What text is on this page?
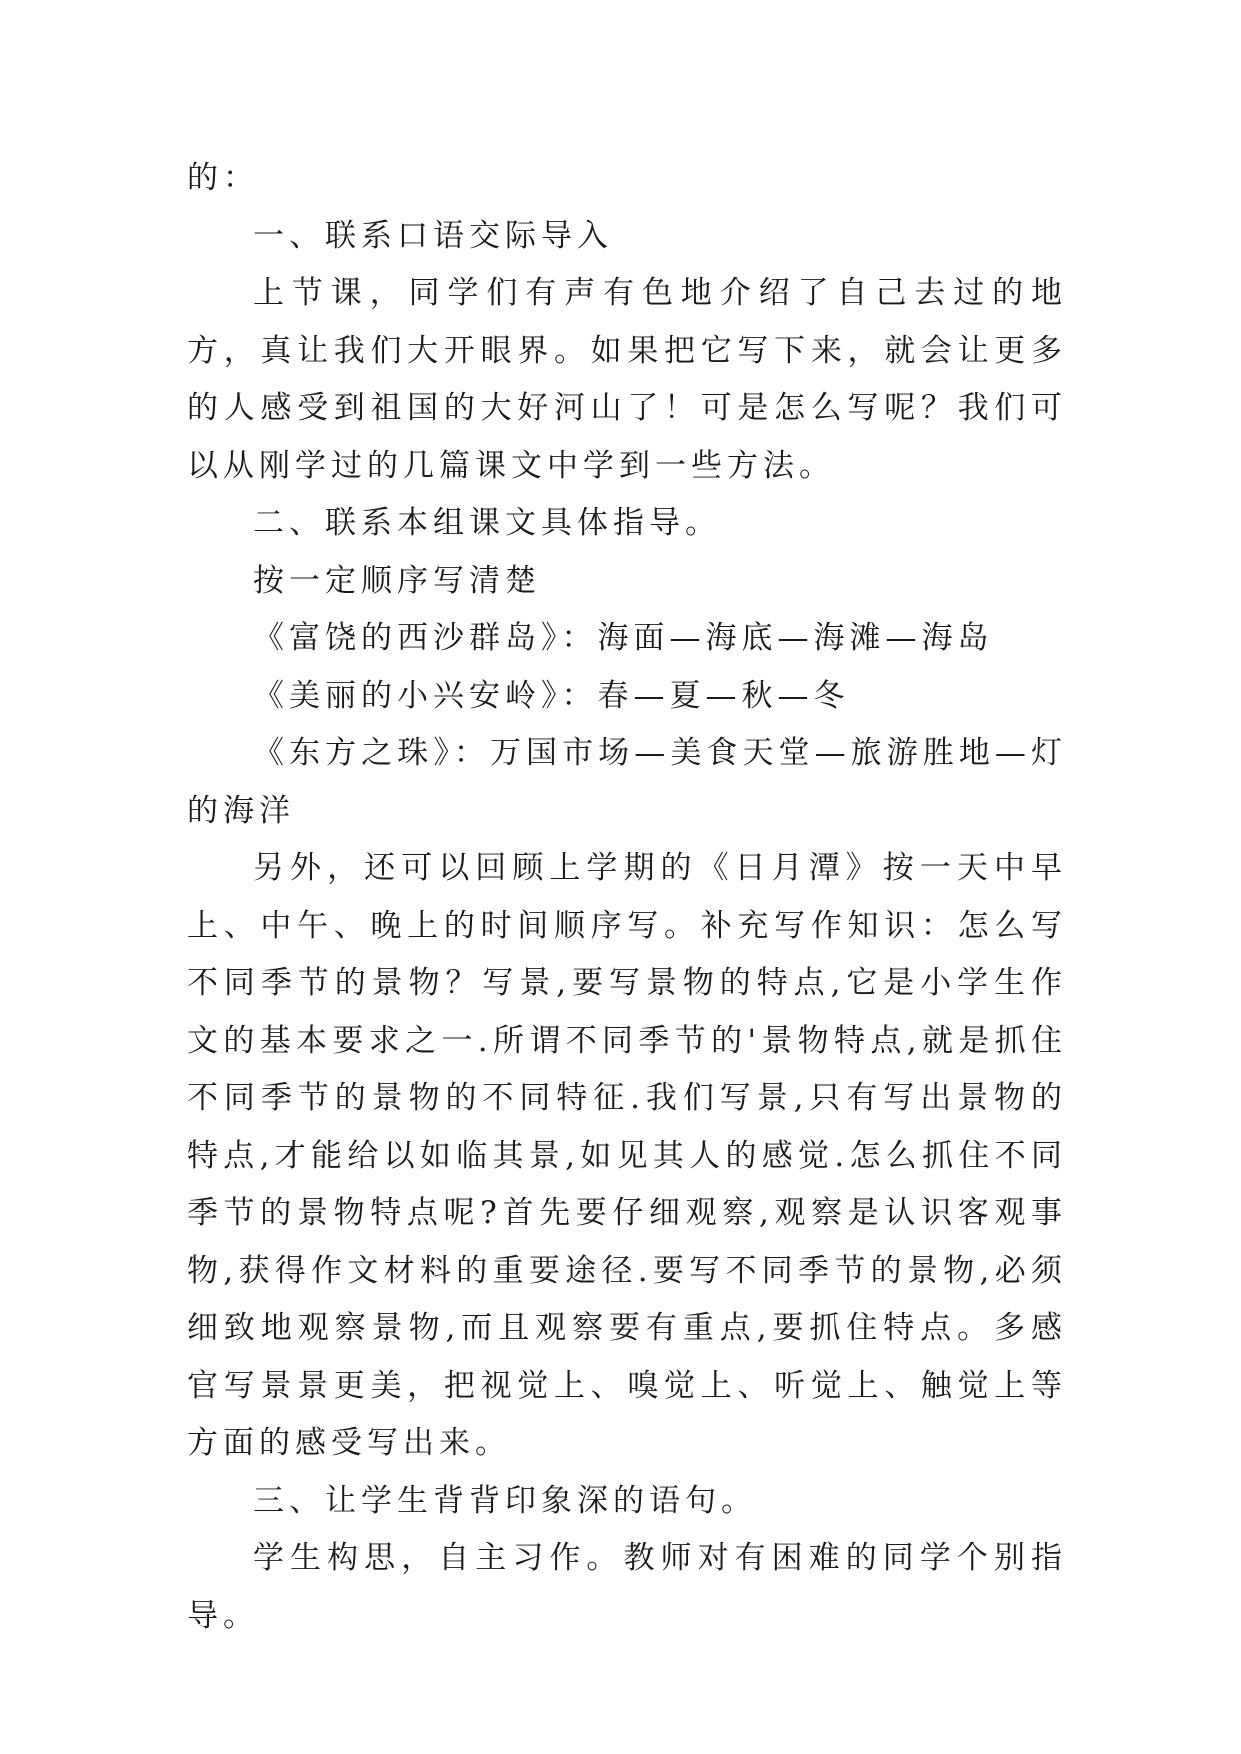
的：

一、联系口语交际导入

上节课，同学们有声有色地介绍了自己去过的地方，真让我们大开眼界。如果把它写下来，就会让更多的人感受到祖国的大好河山了！可是怎么写呢？我们可以从刚学过的几篇课文中学到一些方法。

二、联系本组课文具体指导。

按一定顺序写清楚

《富饶的西沙群岛》：海面—海底—海滩—海岛

《美丽的小兴安岭》：春—夏—秋—冬

《东方之珠》：万国市场—美食天堂—旅游胜地—灯的海洋

另外，还可以回顾上学期的《日月潭》按一天中早上、中午、晚上的时间顺序写。补充写作知识：怎么写不同季节的景物？写景,要写景物的特点,它是小学生作文的基本要求之一.所谓不同季节的'景物特点,就是抓住不同季节的景物的不同特征.我们写景,只有写出景物的特点,才能给以如临其景,如见其人的感觉.怎么抓住不同季节的景物特点呢?首先要仔细观察,观察是认识客观事物,获得作文材料的重要途径.要写不同季节的景物,必须细致地观察景物,而且观察要有重点,要抓住特点。多感官写景景更美，把视觉上、嗅觉上、听觉上、触觉上等方面的感受写出来。

三、让学生背背印象深的语句。

学生构思，自主习作。教师对有困难的同学个别指导。
